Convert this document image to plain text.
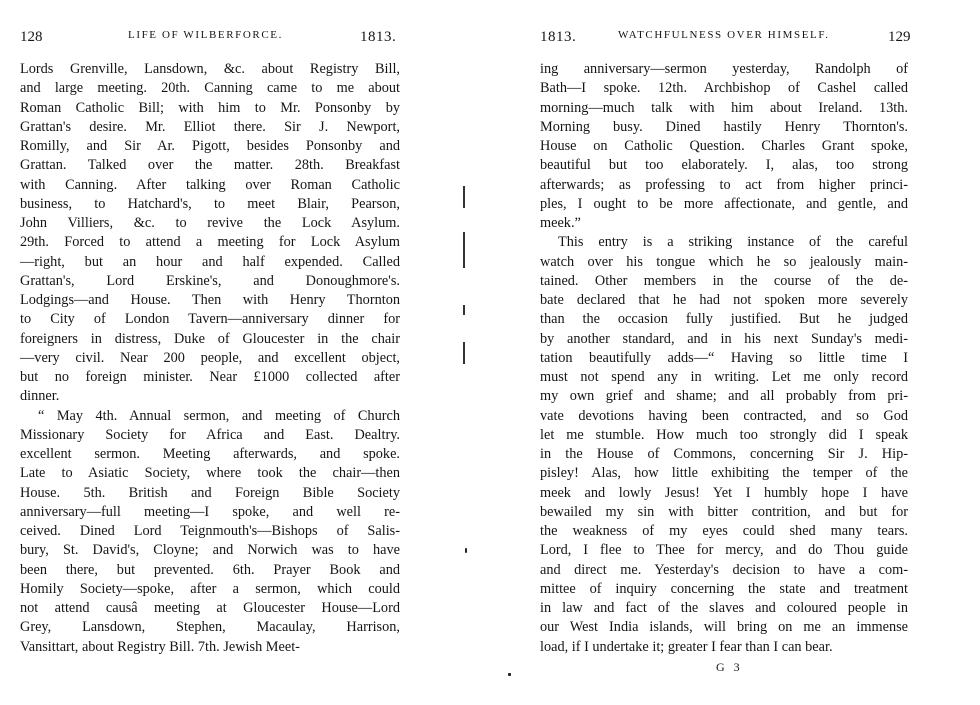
128	LIFE OF WILBERFORCE.	1813.
Lords Grenville, Lansdown, &c. about Registry Bill,
and large meeting. 20th. Canning came to me about
Roman Catholic Bill; with him to Mr. Ponsonby by
Grattan's desire. Mr. Elliot there. Sir J. Newport,
Romilly, and Sir Ar. Pigott, besides Ponsonby and
Grattan. Talked over the matter. 28th. Breakfast
with Canning. After talking over Roman Catholic
business, to Hatchard's, to meet Blair, Pearson,
John Villiers, &c. to revive the Lock Asylum.
29th. Forced to attend a meeting for Lock Asylum
—right, but an hour and half expended. Called
Grattan's, Lord Erskine's, and Donoughmore's.
Lodgings—and House. Then with Henry Thornton
to City of London Tavern—anniversary dinner for
foreigners in distress, Duke of Gloucester in the chair
—very civil. Near 200 people, and excellent object,
but no foreign minister. Near £1000 collected after
dinner.
“ May 4th. Annual sermon, and meeting of Church
Missionary Society for Africa and East. Dealtry.
excellent sermon. Meeting afterwards, and spoke.
Late to Asiatic Society, where took the chair—then
House. 5th. British and Foreign Bible Society
anniversary—full meeting—I spoke, and well re-
ceived. Dined Lord Teignmouth's—Bishops of Salis-
bury, St. David's, Cloyne; and Norwich was to have
been there, but prevented. 6th. Prayer Book and
Homily Society—spoke, after a sermon, which could
not attend causâ meeting at Gloucester House—Lord
Grey, Lansdown, Stephen, Macaulay, Harrison,
Vansittart, about Registry Bill. 7th. Jewish Meet-
1813.	WATCHFULNESS OVER HIMSELF.	129
ing anniversary—sermon yesterday, Randolph of
Bath—I spoke. 12th. Archbishop of Cashel called
morning—much talk with him about Ireland. 13th.
Morning busy. Dined hastily Henry Thornton's.
House on Catholic Question. Charles Grant spoke,
beautiful but too elaborately. I, alas, too strong
afterwards; as professing to act from higher princi-
ples, I ought to be more affectionate, and gentle, and
meek.”
This entry is a striking instance of the careful
watch over his tongue which he so jealously main-
tained. Other members in the course of the de-
bate declared that he had not spoken more severely
than the occasion fully justified. But he judged
by another standard, and in his next Sunday's medi-
tation beautifully adds—“ Having so little time I
must not spend any in writing. Let me only record
my own grief and shame; and all probably from pri-
vate devotions having been contracted, and so God
let me stumble. How much too strongly did I speak
in the House of Commons, concerning Sir J. Hip-
pisley! Alas, how little exhibiting the temper of the
meek and lowly Jesus! Yet I humbly hope I have
bewailed my sin with bitter contrition, and but for
the weakness of my eyes could shed many tears.
Lord, I flee to Thee for mercy, and do Thou guide
and direct me. Yesterday's decision to have a com-
mittee of inquiry concerning the state and treatment
in law and fact of the slaves and coloured people in
our West India islands, will bring on me an immense
load, if I undertake it; greater I fear than I can bear.
G 3
